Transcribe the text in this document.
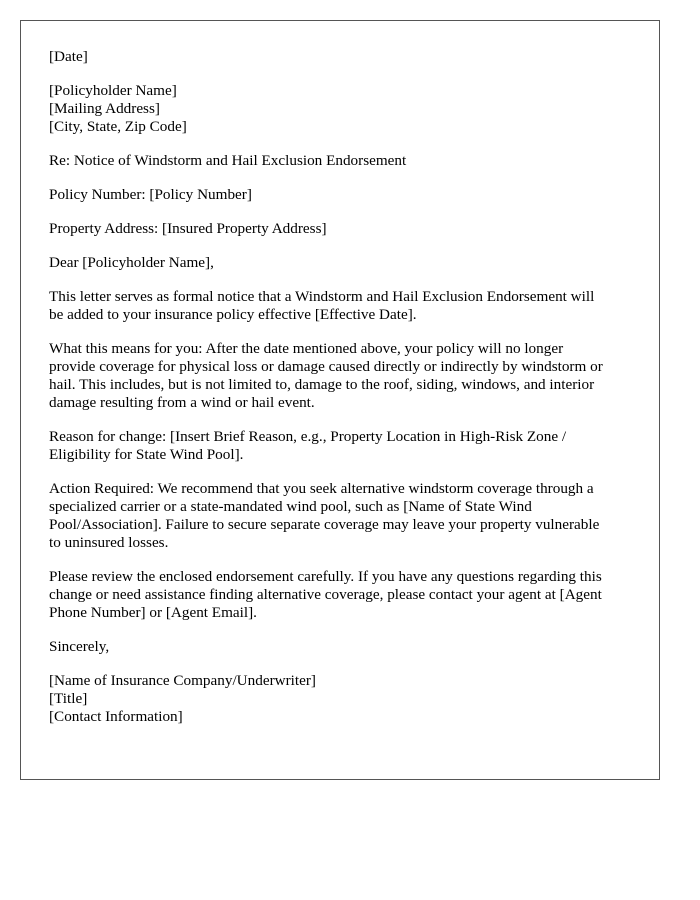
[Date]
[Policyholder Name]
[Mailing Address]
[City, State, Zip Code]
Re: Notice of Windstorm and Hail Exclusion Endorsement
Policy Number: [Policy Number]
Property Address: [Insured Property Address]
Dear [Policyholder Name],
This letter serves as formal notice that a Windstorm and Hail Exclusion Endorsement will
be added to your insurance policy effective [Effective Date].
What this means for you: After the date mentioned above, your policy will no longer
provide coverage for physical loss or damage caused directly or indirectly by windstorm or
hail. This includes, but is not limited to, damage to the roof, siding, windows, and interior
damage resulting from a wind or hail event.
Reason for change: [Insert Brief Reason, e.g., Property Location in High-Risk Zone /
Eligibility for State Wind Pool].
Action Required: We recommend that you seek alternative windstorm coverage through a
specialized carrier or a state-mandated wind pool, such as [Name of State Wind
Pool/Association]. Failure to secure separate coverage may leave your property vulnerable
to uninsured losses.
Please review the enclosed endorsement carefully. If you have any questions regarding this
change or need assistance finding alternative coverage, please contact your agent at [Agent
Phone Number] or [Agent Email].
Sincerely,
[Name of Insurance Company/Underwriter]
[Title]
[Contact Information]
